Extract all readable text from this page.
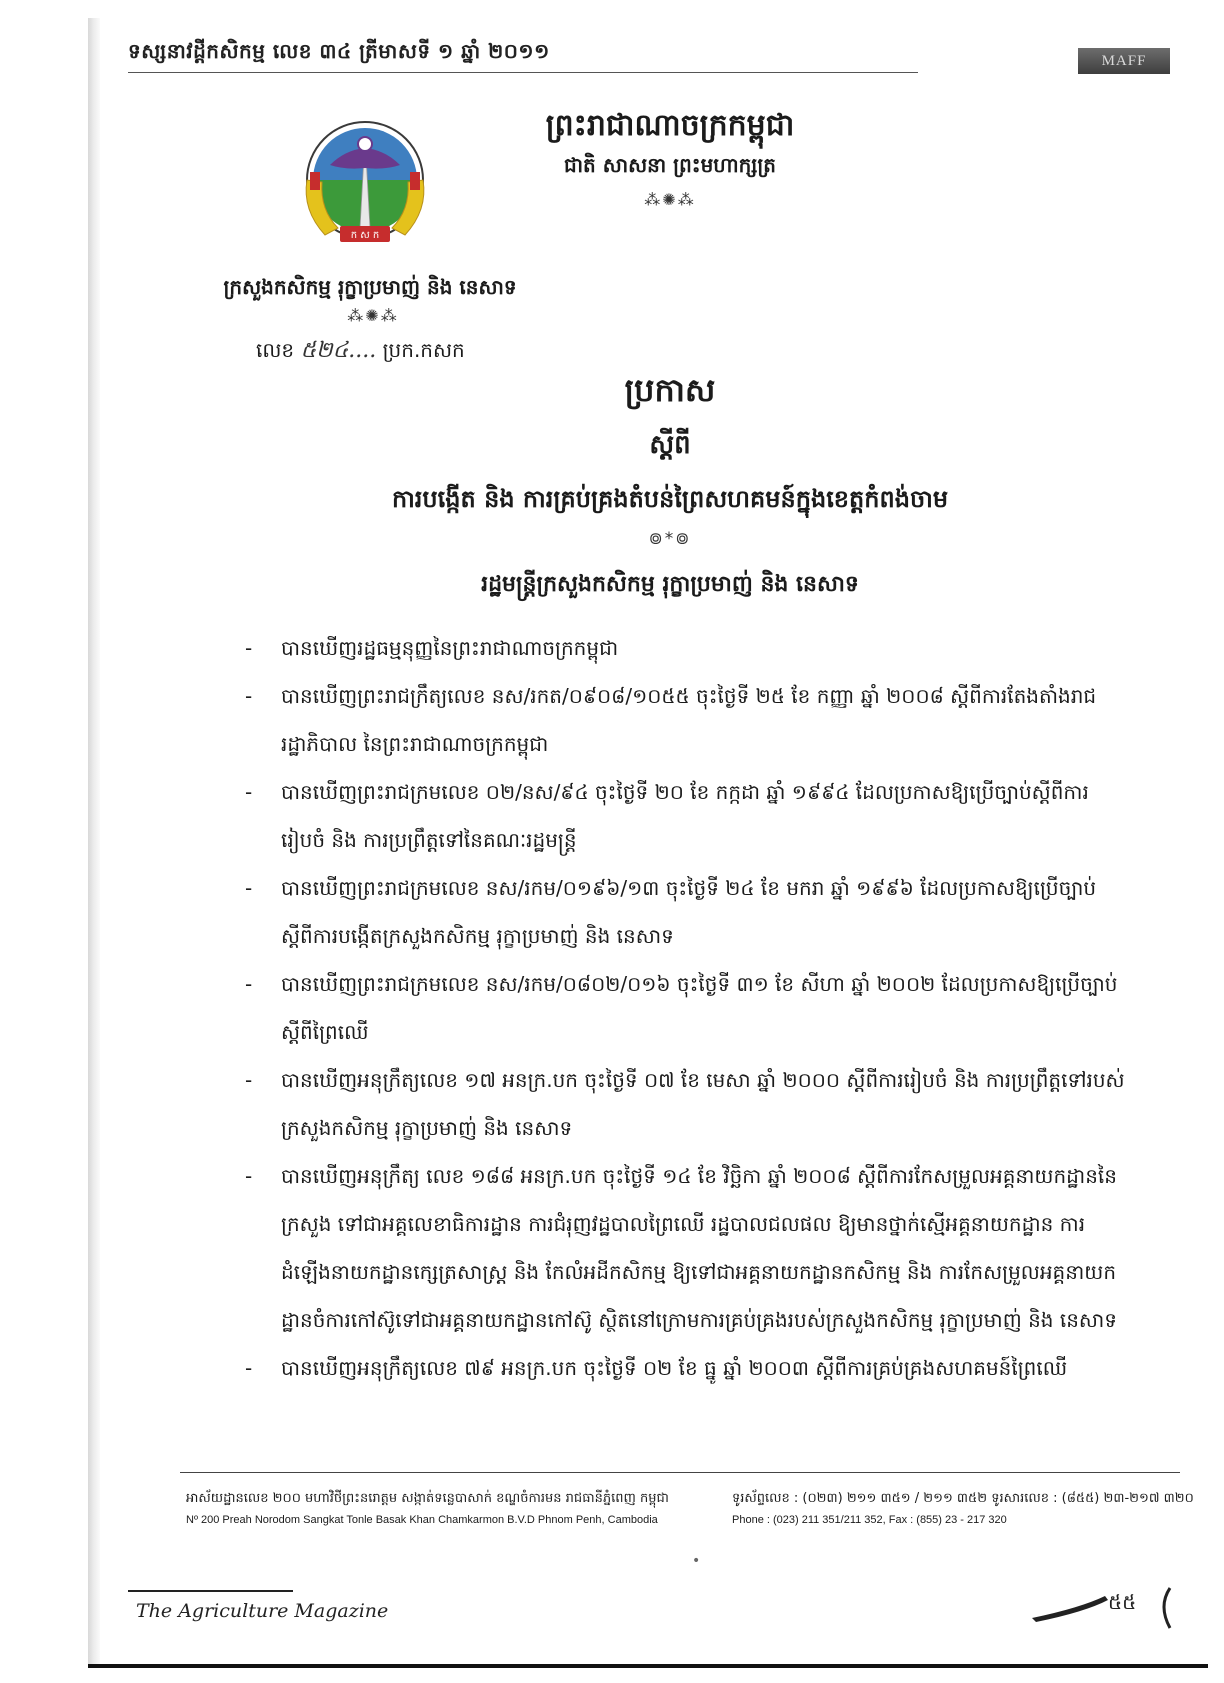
ទស្សនាវដ្ដីកសិកម្ម លេខ ៣៤ ត្រីមាសទី ១ ឆ្នាំ ២០១១	MAFF
ព្រះរាជាណាចក្រកម្ពុជា
ជាតិ សាសនា ព្រះមហាក្សត្រ
⁂✺⁂
ក ស ក
ក្រសួងកសិកម្ម រុក្ខាប្រមាញ់ និង នេសាទ
⁂✺⁂
លេខ ៥២៤.... ប្រក.កសក
ប្រកាស
ស្ដីពី
ការបង្កើត និង ការគ្រប់គ្រងតំបន់ព្រៃសហគមន៍ក្នុងខេត្តកំពង់ចាម
៙*៙
រដ្ឋមន្ត្រីក្រសួងកសិកម្ម រុក្ខាប្រមាញ់ និង នេសាទ
- បានឃើញរដ្ឋធម្មនុញ្ញនៃព្រះរាជាណាចក្រកម្ពុជា
- បានឃើញព្រះរាជក្រឹត្យលេខ នស/រកត/០៩០៨/១០៥៥ ចុះថ្ងៃទី ២៥ ខែ កញ្ញា ឆ្នាំ ២០០៨ ស្ដីពីការតែងតាំងរាជរដ្ឋាភិបាល នៃព្រះរាជាណាចក្រកម្ពុជា
- បានឃើញព្រះរាជក្រមលេខ ០២/នស/៩៤ ចុះថ្ងៃទី ២០ ខែ កក្កដា ឆ្នាំ ១៩៩៤ ដែលប្រកាសឱ្យប្រើច្បាប់ស្ដីពីការរៀបចំ និង ការប្រព្រឹត្តទៅនៃគណៈរដ្ឋមន្ត្រី
- បានឃើញព្រះរាជក្រមលេខ នស/រកម/០១៩៦/១៣ ចុះថ្ងៃទី ២៤ ខែ មករា ឆ្នាំ ១៩៩៦ ដែលប្រកាសឱ្យប្រើច្បាប់ស្ដីពីការបង្កើតក្រសួងកសិកម្ម រុក្ខាប្រមាញ់ និង នេសាទ
- បានឃើញព្រះរាជក្រមលេខ នស/រកម/០៨០២/០១៦ ចុះថ្ងៃទី ៣១ ខែ សីហា ឆ្នាំ ២០០២ ដែលប្រកាសឱ្យប្រើច្បាប់ស្ដីពីព្រៃឈើ
- បានឃើញអនុក្រឹត្យលេខ ១៧ អនក្រ.បក ចុះថ្ងៃទី ០៧ ខែ មេសា ឆ្នាំ ២០០០ ស្ដីពីការរៀបចំ និង ការប្រព្រឹត្តទៅរបស់ក្រសួងកសិកម្ម រុក្ខាប្រមាញ់ និង នេសាទ
- បានឃើញអនុក្រឹត្យ លេខ ១៨៨ អនក្រ.បក ចុះថ្ងៃទី ១៤ ខែ វិច្ឆិកា ឆ្នាំ ២០០៨ ស្ដីពីការកែសម្រួលអគ្គនាយកដ្ឋាននៃក្រសួង ទៅជាអគ្គលេខាធិការដ្ឋាន ការជំរុញវដ្ឋបាលព្រៃឈើ រដ្ឋបាលជលផល ឱ្យមានថ្នាក់ស្មើអគ្គនាយកដ្ឋាន ការដំឡើងនាយកដ្ឋានក្សេត្រសាស្ត្រ និង កែលំអដីកសិកម្ម ឱ្យទៅជាអគ្គនាយកដ្ឋានកសិកម្ម និង ការកែសម្រួលអគ្គនាយកដ្ឋានចំការកៅស៊ូទៅជាអគ្គនាយកដ្ឋានកៅស៊ូ ស្ថិតនៅក្រោមការគ្រប់គ្រងរបស់ក្រសួងកសិកម្ម រុក្ខាប្រមាញ់ និង នេសាទ
- បានឃើញអនុក្រឹត្យលេខ ៧៩ អនក្រ.បក ចុះថ្ងៃទី ០២ ខែ ធ្នូ ឆ្នាំ ២០០៣ ស្ដីពីការគ្រប់គ្រងសហគមន៍ព្រៃឈើ
អាស័យដ្ឋានលេខ ២០០ មហាវិថីព្រះនរោត្តម សង្កាត់ទន្លេបាសាក់ ខណ្ឌចំការមន រាជធានីភ្នំពេញ កម្ពុជា
Nº 200 Preah Norodom Sangkat Tonle Basak Khan Chamkarmon B.V.D Phnom Penh, Cambodia
ទូរស័ព្ទលេខ : (០២៣) ២១១ ៣៥១ / ២១១ ៣៥២ ទូរសារលេខ : (៨៥៥) ២៣-២១៧ ៣២០
Phone : (023) 211 351/211 352, Fax : (855) 23 - 217 320
•
The Agriculture Magazine	៥៥
